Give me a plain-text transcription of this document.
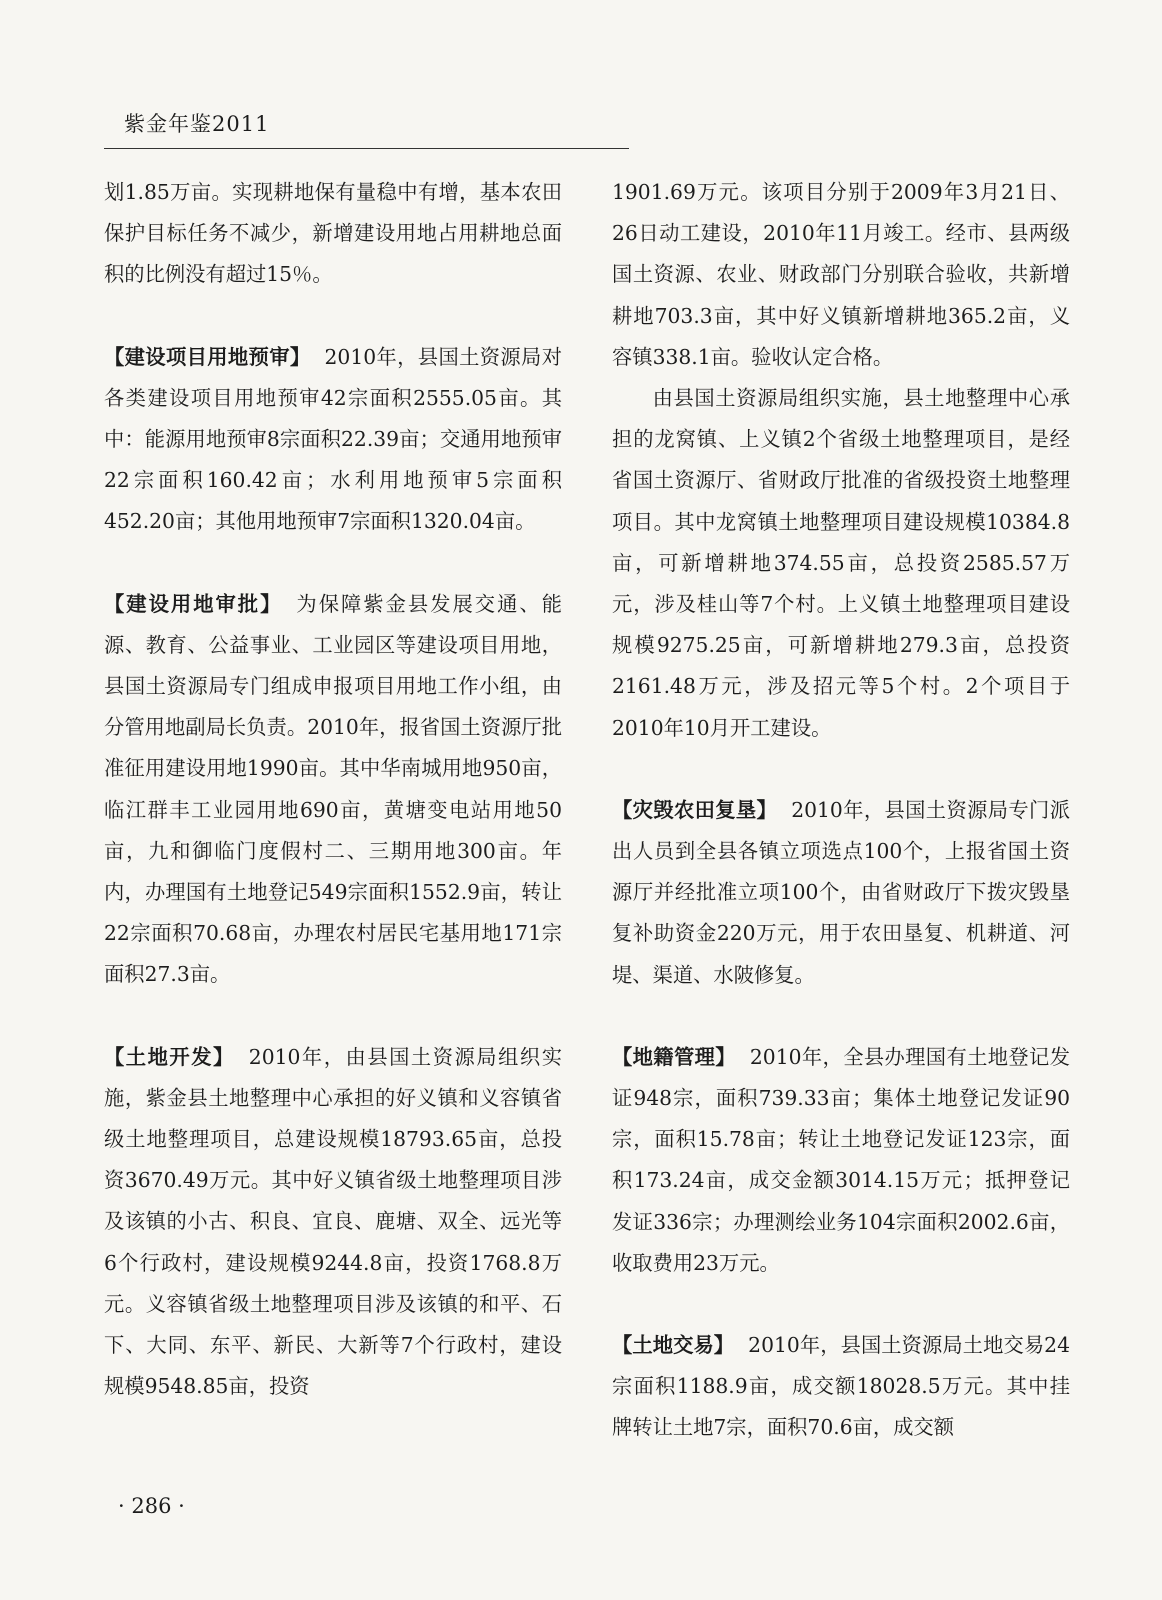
紫金年鉴2011

划1.85万亩。实现耕地保有量稳中有增，基本农田保护目标任务不减少，新增建设用地占用耕地总面积的比例没有超过15％。

【建设项目用地预审】 2010年，县国土资源局对各类建设项目用地预审42宗面积2555.05亩。其中：能源用地预审8宗面积22.39亩；交通用地预审22宗面积160.42亩；水利用地预审5宗面积452.20亩；其他用地预审7宗面积1320.04亩。

【建设用地审批】 为保障紫金县发展交通、能源、教育、公益事业、工业园区等建设项目用地，县国土资源局专门组成申报项目用地工作小组，由分管用地副局长负责。2010年，报省国土资源厅批准征用建设用地1990亩。其中华南城用地950亩，临江群丰工业园用地690亩，黄塘变电站用地50亩，九和御临门度假村二、三期用地300亩。年内，办理国有土地登记549宗面积1552.9亩，转让22宗面积70.68亩，办理农村居民宅基用地171宗面积27.3亩。

【土地开发】 2010年，由县国土资源局组织实施，紫金县土地整理中心承担的好义镇和义容镇省级土地整理项目，总建设规模18793.65亩，总投资3670.49万元。其中好义镇省级土地整理项目涉及该镇的小古、积良、宜良、鹿塘、双全、远光等6个行政村，建设规模9244.8亩，投资1768.8万元。义容镇省级土地整理项目涉及该镇的和平、石下、大同、东平、新民、大新等7个行政村，建设规模9548.85亩，投资

1901.69万元。该项目分别于2009年3月21日、26日动工建设，2010年11月竣工。经市、县两级国土资源、农业、财政部门分别联合验收，共新增耕地703.3亩，其中好义镇新增耕地365.2亩，义容镇338.1亩。验收认定合格。

由县国土资源局组织实施，县土地整理中心承担的龙窝镇、上义镇2个省级土地整理项目，是经省国土资源厅、省财政厅批准的省级投资土地整理项目。其中龙窝镇土地整理项目建设规模10384.8亩，可新增耕地374.55亩，总投资2585.57万元，涉及桂山等7个村。上义镇土地整理项目建设规模9275.25亩，可新增耕地279.3亩，总投资2161.48万元，涉及招元等5个村。2个项目于2010年10月开工建设。

【灾毁农田复垦】 2010年，县国土资源局专门派出人员到全县各镇立项选点100个，上报省国土资源厅并经批准立项100个，由省财政厅下拨灾毁垦复补助资金220万元，用于农田垦复、机耕道、河堤、渠道、水陂修复。

【地籍管理】 2010年，全县办理国有土地登记发证948宗，面积739.33亩；集体土地登记发证90宗，面积15.78亩；转让土地登记发证123宗，面积173.24亩，成交金额3014.15万元；抵押登记发证336宗；办理测绘业务104宗面积2002.6亩，收取费用23万元。

【土地交易】 2010年，县国土资源局土地交易24宗面积1188.9亩，成交额18028.5万元。其中挂牌转让土地7宗，面积70.6亩，成交额

· 286 ·
